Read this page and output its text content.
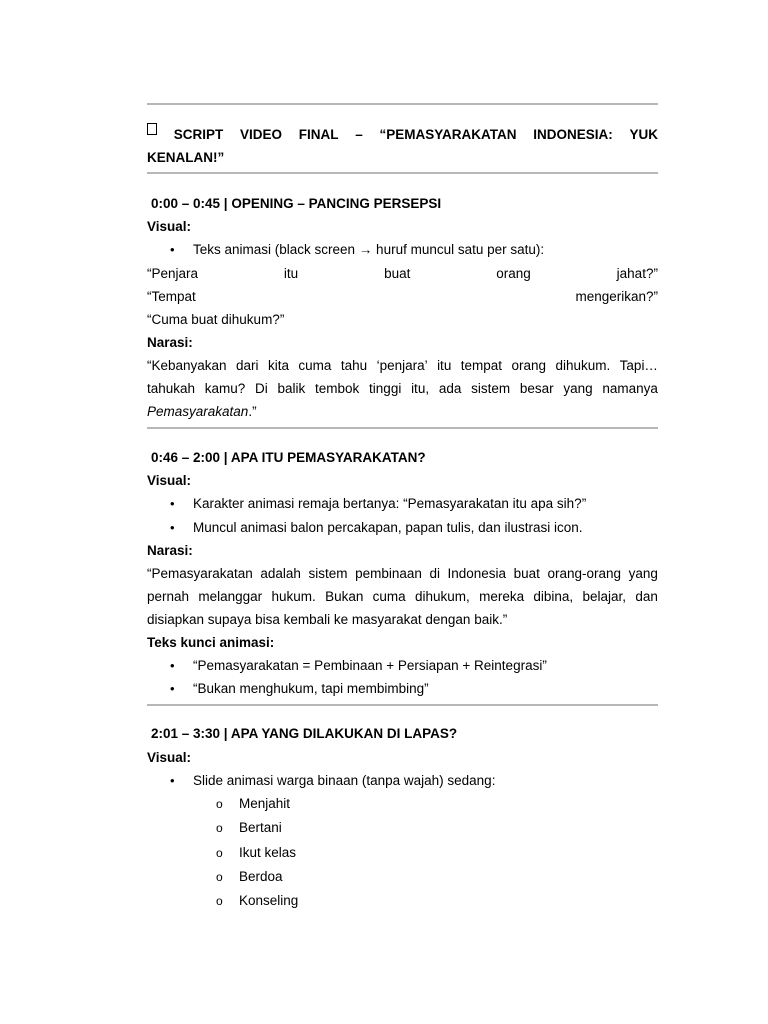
SCRIPT VIDEO FINAL – “PEMASYARAKATAN INDONESIA: YUK
KENALAN!”
0:00 – 0:45 | OPENING – PANCING PERSEPSI
Visual:
• Teks animasi (black screen → huruf muncul satu per satu):
“Penjara	itu	buat	orang	jahat?”
“Tempat	mengerikan?”
“Cuma buat dihukum?”
Narasi:
“Kebanyakan dari kita cuma tahu ‘penjara’ itu tempat orang dihukum. Tapi…
tahukah kamu? Di balik tembok tinggi itu, ada sistem besar yang namanya
Pemasyarakatan.”
0:46 – 2:00 | APA ITU PEMASYARAKATAN?
Visual:
• Karakter animasi remaja bertanya: “Pemasyarakatan itu apa sih?”
• Muncul animasi balon percakapan, papan tulis, dan ilustrasi icon.
Narasi:
“Pemasyarakatan adalah sistem pembinaan di Indonesia buat orang-orang yang
pernah melanggar hukum. Bukan cuma dihukum, mereka dibina, belajar, dan
disiapkan supaya bisa kembali ke masyarakat dengan baik.”
Teks kunci animasi:
• “Pemasyarakatan = Pembinaan + Persiapan + Reintegrasi”
• “Bukan menghukum, tapi membimbing”
2:01 – 3:30 | APA YANG DILAKUKAN DI LAPAS?
Visual:
• Slide animasi warga binaan (tanpa wajah) sedang:
o Menjahit
o Bertani
o Ikut kelas
o Berdoa
o Konseling
